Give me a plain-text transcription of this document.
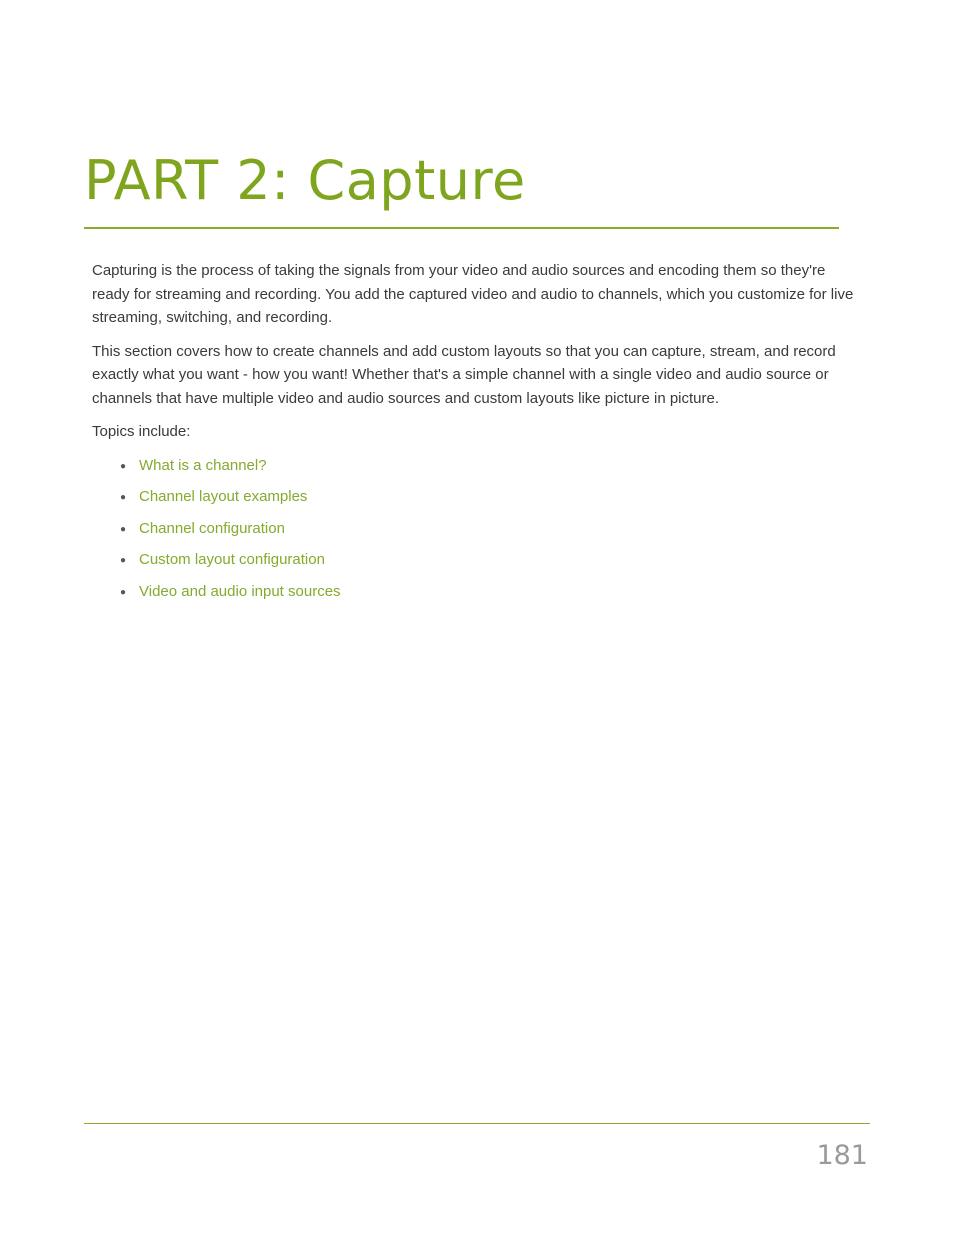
PART 2: Capture

Capturing is the process of taking the signals from your video and audio sources and encoding them so they're ready for streaming and recording. You add the captured video and audio to channels, which you customize for live streaming, switching, and recording.

This section covers how to create channels and add custom layouts so that you can capture, stream, and record exactly what you want - how you want! Whether that's a simple channel with a single video and audio source or channels that have multiple video and audio sources and custom layouts like picture in picture.

Topics include:

● What is a channel?
● Channel layout examples
● Channel configuration
● Custom layout configuration
● Video and audio input sources
181
